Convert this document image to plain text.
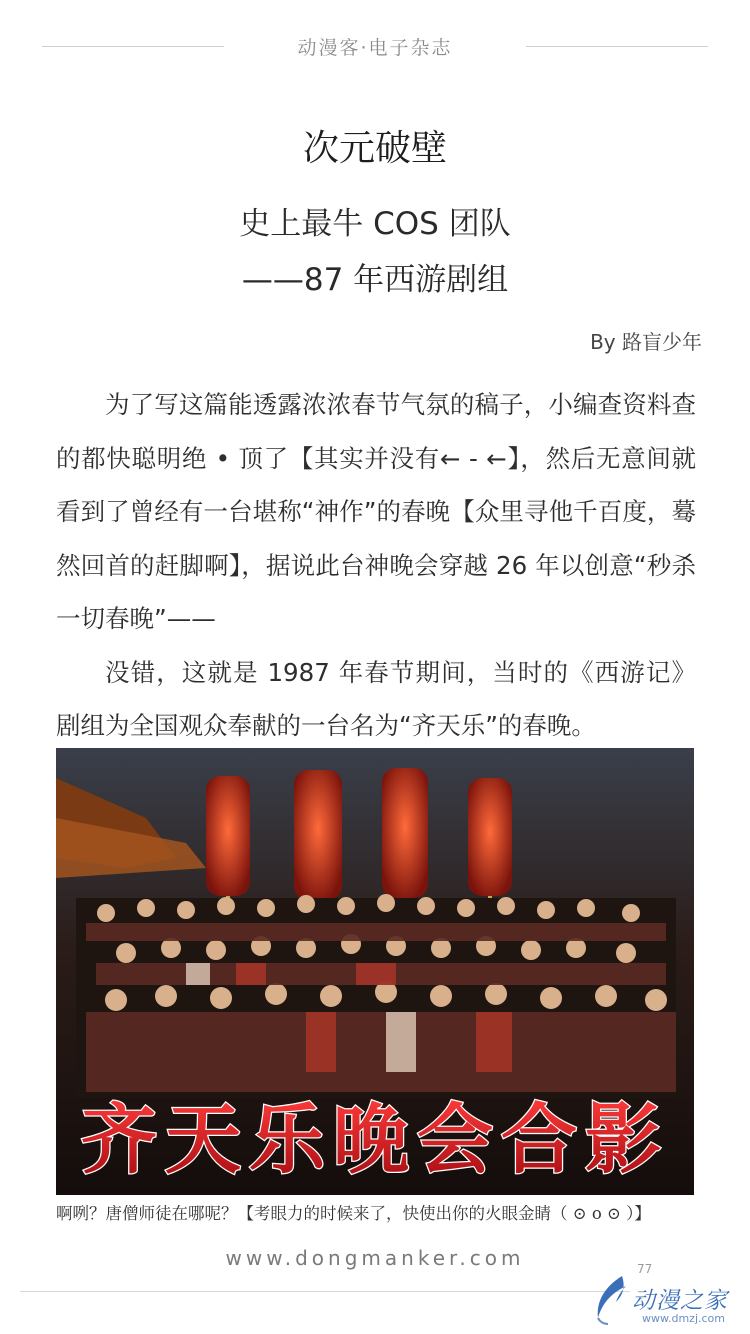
动漫客·电子杂志
次元破壁
史上最牛 COS 团队
——87 年西游剧组
By 路盲少年

为了写这篇能透露浓浓春节气氛的稿子，小编查资料查的都快聪明绝 • 顶了【其实并没有← - ←】，然后无意间就看到了曾经有一台堪称“神作”的春晚【众里寻他千百度，蓦然回首的赶脚啊】，据说此台神晚会穿越 26 年以创意“秒杀一切春晚”——

没错，这就是 1987 年春节期间，当时的《西游记》剧组为全国观众奉献的一台名为“齐天乐”的春晚。

齐天乐晚会合影
啊咧？唐僧师徒在哪呢？【考眼力的时候来了，快使出你的火眼金睛（ ⊙ o ⊙ ）】
www.dongmanker.com	77
动漫之家
www.dmzj.com
